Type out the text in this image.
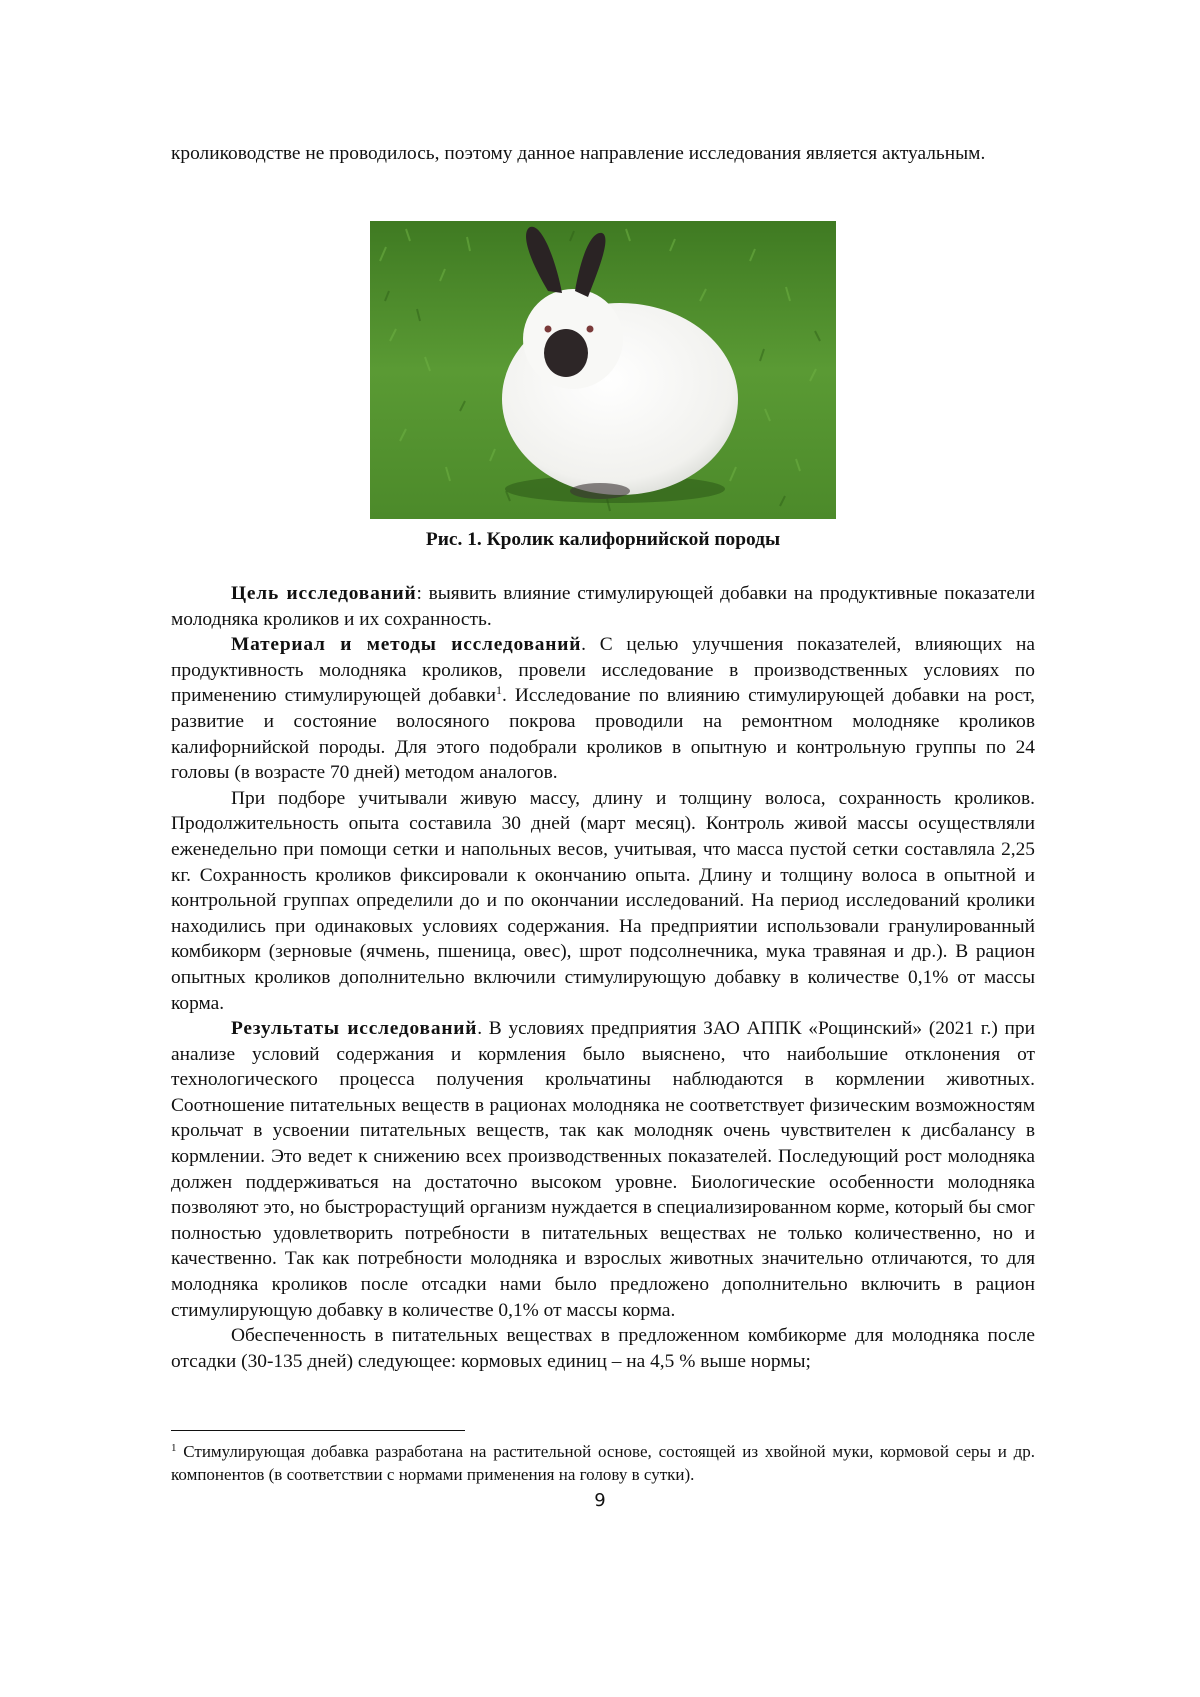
кролиководстве не проводилось, поэтому данное направление исследования является актуальным.

Рис. 1. Кролик калифорнийской породы

Цель исследований: выявить влияние стимулирующей добавки на продуктивные показатели молодняка кроликов и их сохранность.

Материал и методы исследований. С целью улучшения показателей, влияющих на продуктивность молодняка кроликов, провели исследование в производственных условиях по применению стимулирующей добавки$^1$. Исследование по влиянию стимулирующей добавки на рост, развитие и состояние волосяного покрова проводили на ремонтном молодняке кроликов калифорнийской породы. Для этого подобрали кроликов в опытную и контрольную группы по 24 головы (в возрасте 70 дней) методом аналогов.

При подборе учитывали живую массу, длину и толщину волоса, сохранность кроликов. Продолжительность опыта составила 30 дней (март месяц). Контроль живой массы осуществляли еженедельно при помощи сетки и напольных весов, учитывая, что масса пустой сетки составляла 2,25 кг. Сохранность кроликов фиксировали к окончанию опыта. Длину и толщину волоса в опытной и контрольной группах определили до и по окончании исследований. На период исследований кролики находились при одинаковых условиях содержания. На предприятии использовали гранулированный комбикорм (зерновые (ячмень, пшеница, овес), шрот подсолнечника, мука травяная и др.). В рацион опытных кроликов дополнительно включили стимулирующую добавку в количестве 0,1% от массы корма.

Результаты исследований. В условиях предприятия ЗАО АППК «Рощинский» (2021 г.) при анализе условий содержания и кормления было выяснено, что наибольшие отклонения от технологического процесса получения крольчатины наблюдаются в кормлении животных. Соотношение питательных веществ в рационах молодняка не соответствует физическим возможностям крольчат в усвоении питательных веществ, так как молодняк очень чувствителен к дисбалансу в кормлении. Это ведет к снижению всех производственных показателей. Последующий рост молодняка должен поддерживаться на достаточно высоком уровне. Биологические особенности молодняка позволяют это, но быстрорастущий организм нуждается в специализированном корме, который бы смог полностью удовлетворить потребности в питательных веществах не только количественно, но и качественно. Так как потребности молодняка и взрослых животных значительно отличаются, то для молодняка кроликов после отсадки нами было предложено дополнительно включить в рацион стимулирующую добавку в количестве 0,1% от массы корма.

Обеспеченность в питательных веществах в предложенном комбикорме для молодняка после отсадки (30-135 дней) следующее: кормовых единиц – на 4,5 % выше нормы;

$^1$ Стимулирующая добавка разработана на растительной основе, состоящей из хвойной муки, кормовой серы и др. компонентов (в соответствии с нормами применения на голову в сутки).

9
